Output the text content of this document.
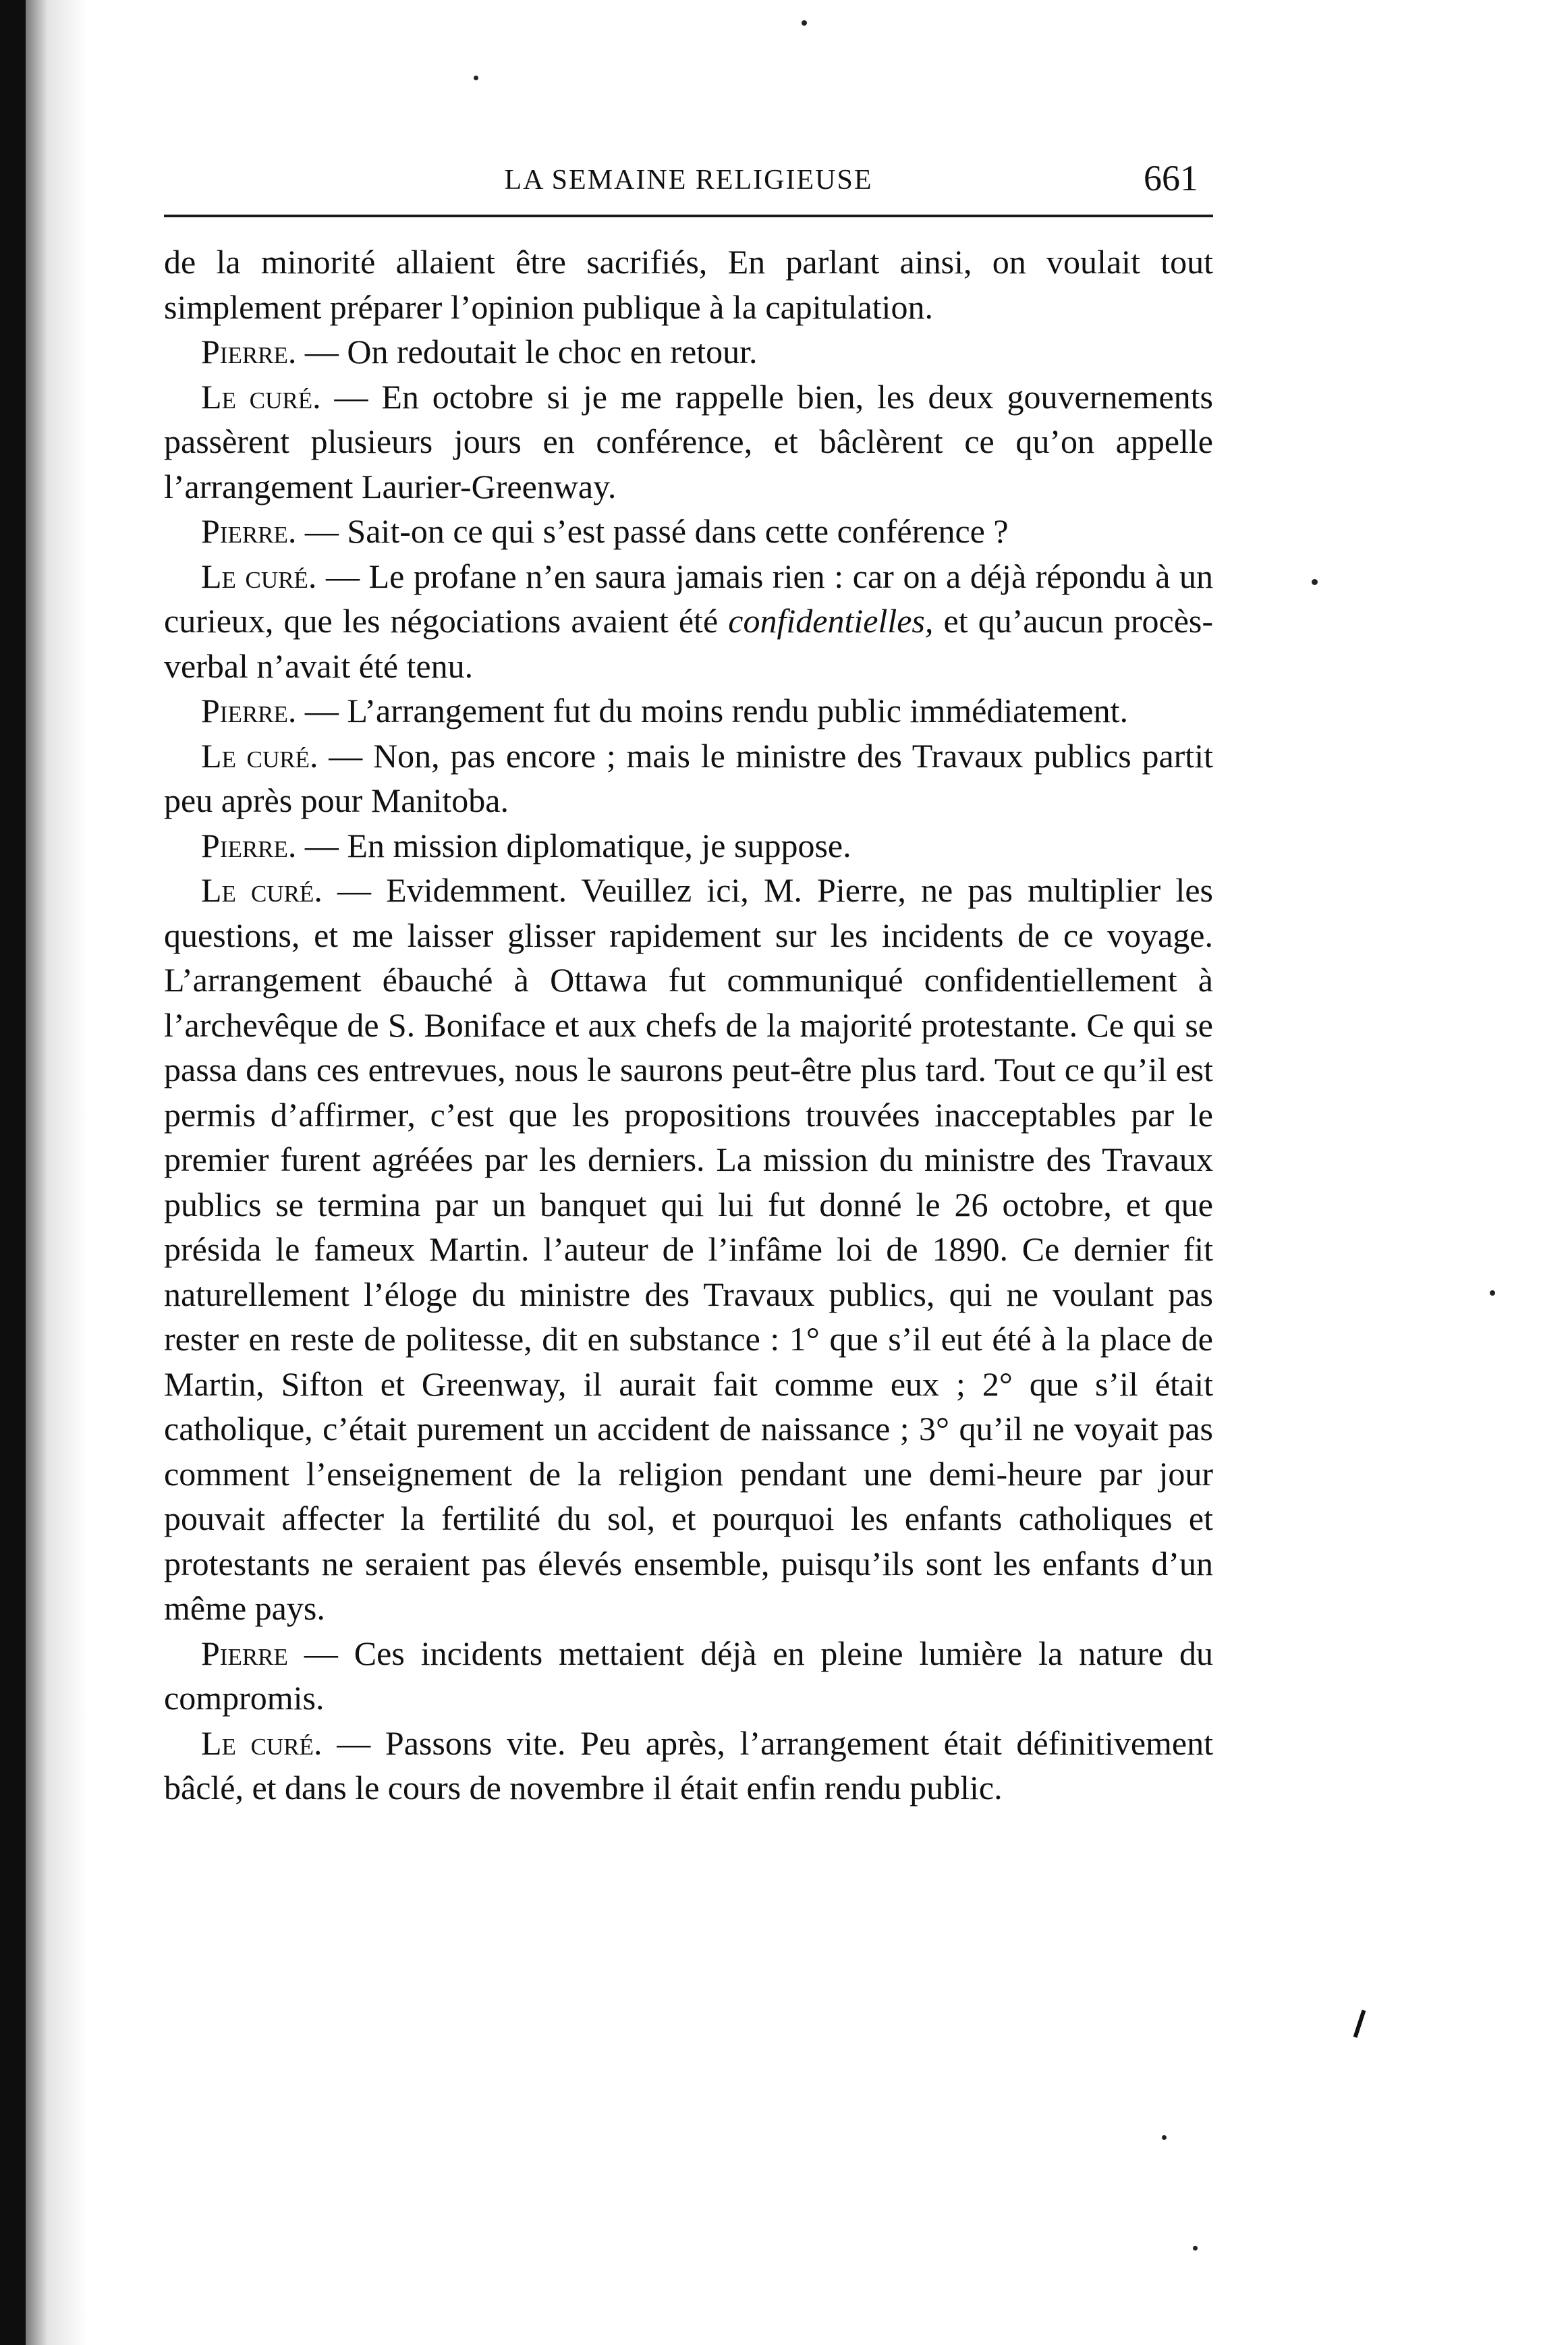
LA SEMAINE RELIGIEUSE	661

de la minorité allaient être sacrifiés, En parlant ainsi, on voulait tout simplement préparer l’opinion publique à la capitulation.

Pierre. — On redoutait le choc en retour.

Le curé. — En octobre si je me rappelle bien, les deux gouvernements passèrent plusieurs jours en conférence, et bâclèrent ce qu’on appelle l’arrangement Laurier-Greenway.

Pierre. — Sait-on ce qui s’est passé dans cette conférence ?

Le curé. — Le profane n’en saura jamais rien : car on a déjà répondu à un curieux, que les négociations avaient été confidentielles, et qu’aucun procès-verbal n’avait été tenu.

Pierre. — L’arrangement fut du moins rendu public immédiatement.

Le curé. — Non, pas encore ; mais le ministre des Travaux publics partit peu après pour Manitoba.

Pierre. — En mission diplomatique, je suppose.

Le curé. — Evidemment. Veuillez ici, M. Pierre, ne pas multiplier les questions, et me laisser glisser rapidement sur les incidents de ce voyage. L’arrangement ébauché à Ottawa fut communiqué confidentiellement à l’archevêque de S. Boniface et aux chefs de la majorité protestante. Ce qui se passa dans ces entrevues, nous le saurons peut-être plus tard. Tout ce qu’il est permis d’affirmer, c’est que les propositions trouvées inacceptables par le premier furent agréées par les derniers. La mission du ministre des Travaux publics se termina par un banquet qui lui fut donné le 26 octobre, et que présida le fameux Martin. l’auteur de l’infâme loi de 1890. Ce dernier fit naturellement l’éloge du ministre des Travaux publics, qui ne voulant pas rester en reste de politesse, dit en substance : 1° que s’il eut été à la place de Martin, Sifton et Greenway, il aurait fait comme eux ; 2° que s’il était catholique, c’était purement un accident de naissance ; 3° qu’il ne voyait pas comment l’enseignement de la religion pendant une demi-heure par jour pouvait affecter la fertilité du sol, et pourquoi les enfants catholiques et protestants ne seraient pas élevés ensemble, puisqu’ils sont les enfants d’un même pays.

Pierre — Ces incidents mettaient déjà en pleine lumière la nature du compromis.

Le curé. — Passons vite. Peu après, l’arrangement était définitivement bâclé, et dans le cours de novembre il était enfin rendu public.
